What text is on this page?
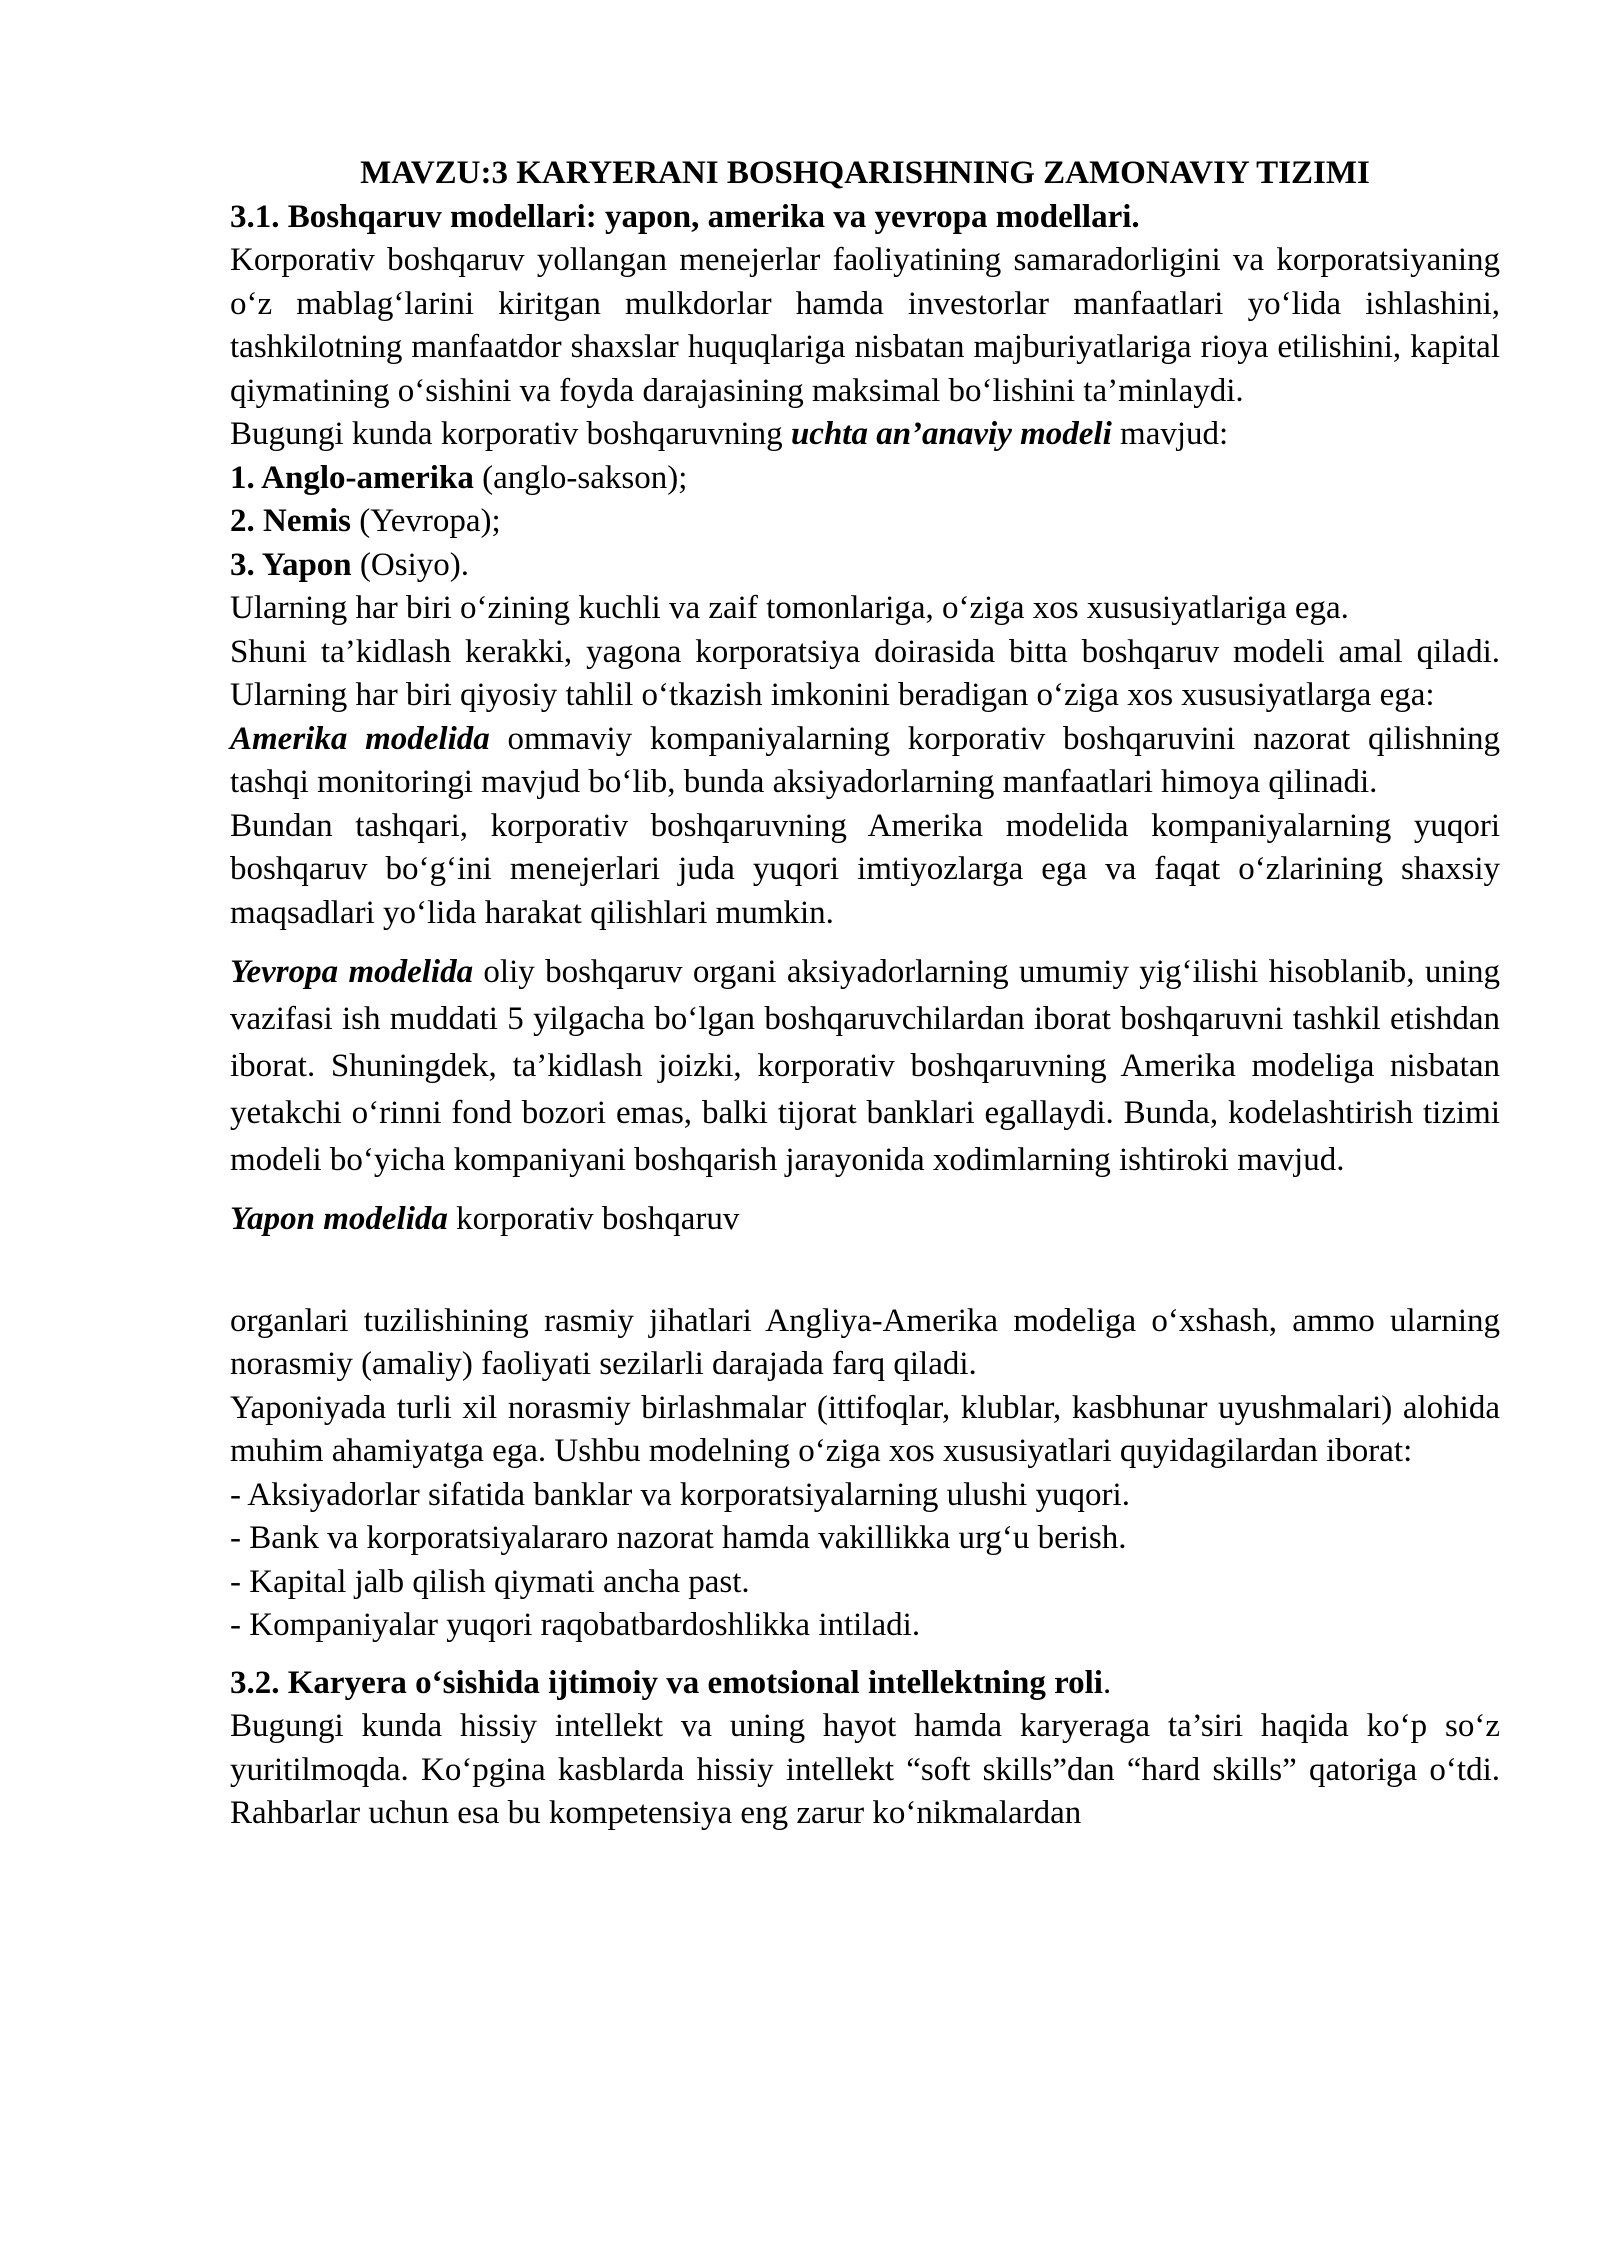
MAVZU:3 KARYERANI BOSHQARISHNING ZAMONAVIY TIZIMI

3.1. Boshqaruv modellari: yapon, amerika va yevropa modellari.

Korporativ boshqaruv yollangan menejerlar faoliyatining samaradorligini va korporatsiyaning o‘z mablag‘larini kiritgan mulkdorlar hamda investorlar manfaatlari yo‘lida ishlashini, tashkilotning manfaatdor shaxslar huquqlariga nisbatan majburiyatlariga rioya etilishini, kapital qiymatining o‘sishini va foyda darajasining maksimal bo‘lishini ta’minlaydi.

Bugungi kunda korporativ boshqaruvning uchta an’anaviy modeli mavjud:

1. Anglo-amerika (anglo-sakson);

2. Nemis (Yevropa);

3. Yapon (Osiyo).

Ularning har biri o‘zining kuchli va zaif tomonlariga, o‘ziga xos xususiyatlariga ega.

Shuni ta’kidlash kerakki, yagona korporatsiya doirasida bitta boshqaruv modeli amal qiladi. Ularning har biri qiyosiy tahlil o‘tkazish imkonini beradigan o‘ziga xos xususiyatlarga ega:

Amerika modelida ommaviy kompaniyalarning korporativ boshqaruvini nazorat qilishning tashqi monitoringi mavjud bo‘lib, bunda aksiyadorlarning manfaatlari himoya qilinadi.

Bundan tashqari, korporativ boshqaruvning Amerika modelida kompaniyalarning yuqori boshqaruv bo‘g‘ini menejerlari juda yuqori imtiyozlarga ega va faqat o‘zlarining shaxsiy maqsadlari yo‘lida harakat qilishlari mumkin.

Yevropa modelida oliy boshqaruv organi aksiyadorlarning umumiy yig‘ilishi hisoblanib, uning vazifasi ish muddati 5 yilgacha bo‘lgan boshqaruvchilardan iborat boshqaruvni tashkil etishdan iborat. Shuningdek, ta’kidlash joizki, korporativ boshqaruvning Amerika modeliga nisbatan yetakchi o‘rinni fond bozori emas, balki tijorat banklari egallaydi. Bunda, kodelashtirish tizimi modeli bo‘yicha kompaniyani boshqarish jarayonida xodimlarning ishtiroki mavjud.

Yapon modelida korporativ boshqaruv

organlari tuzilishining rasmiy jihatlari Angliya-Amerika modeliga o‘xshash, ammo ularning norasmiy (amaliy) faoliyati sezilarli darajada farq qiladi.

Yaponiyada turli xil norasmiy birlashmalar (ittifoqlar, klublar, kasbhunar uyushmalari) alohida muhim ahamiyatga ega. Ushbu modelning o‘ziga xos xususiyatlari quyidagilardan iborat:

- Aksiyadorlar sifatida banklar va korporatsiyalarning ulushi yuqori.

- Bank va korporatsiyalararo nazorat hamda vakillikka urg‘u berish.

- Kapital jalb qilish qiymati ancha past.

- Kompaniyalar yuqori raqobatbardoshlikka intiladi.

3.2. Karyera o‘sishida ijtimoiy va emotsional intellektning roli.

Bugungi kunda hissiy intellekt va uning hayot hamda karyeraga ta’siri haqida ko‘p so‘z yuritilmoqda. Ko‘pgina kasblarda hissiy intellekt “soft skills”dan “hard skills” qatoriga o‘tdi. Rahbarlar uchun esa bu kompetensiya eng zarur ko‘nikmalardan
